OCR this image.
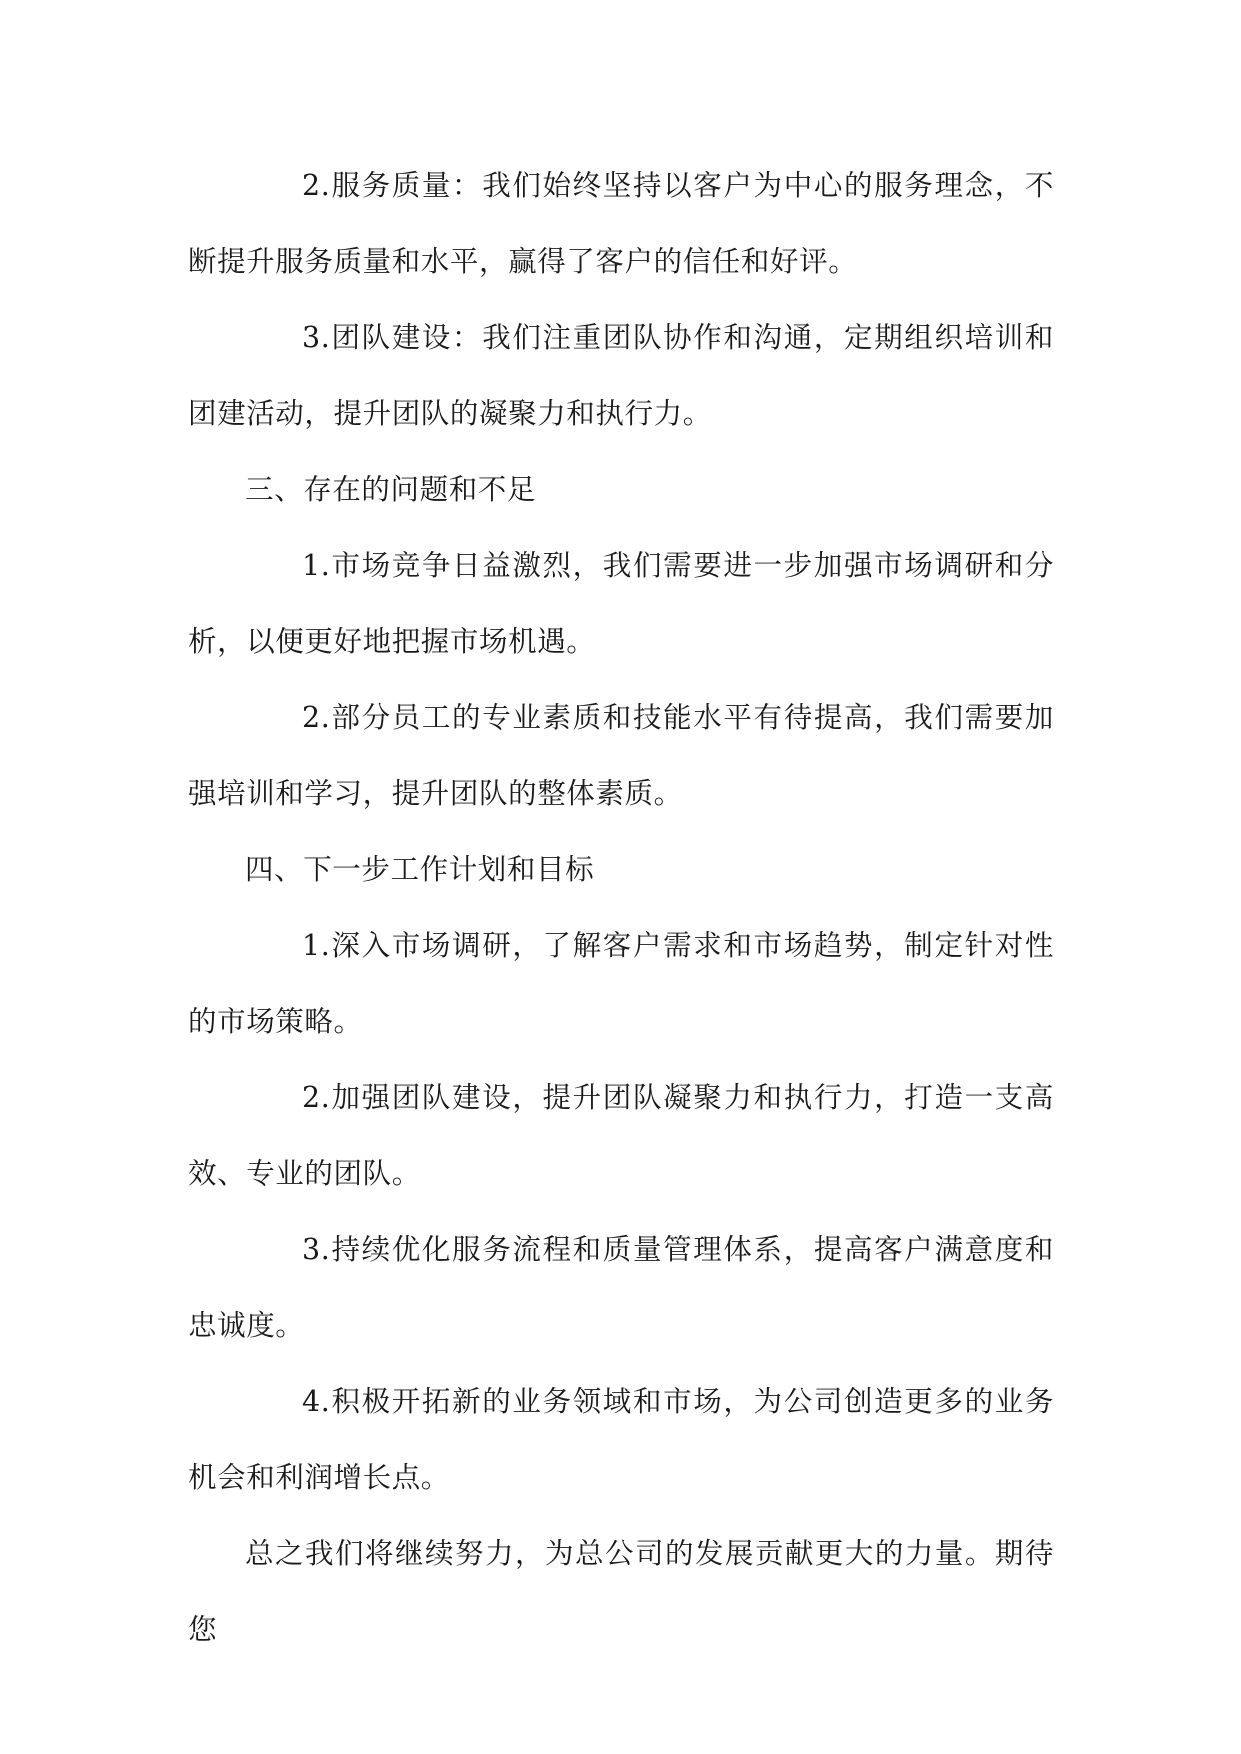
2.服务质量：我们始终坚持以客户为中心的服务理念，不断提升服务质量和水平，赢得了客户的信任和好评。

3.团队建设：我们注重团队协作和沟通，定期组织培训和团建活动，提升团队的凝聚力和执行力。

三、存在的问题和不足

1.市场竞争日益激烈，我们需要进一步加强市场调研和分析，以便更好地把握市场机遇。

2.部分员工的专业素质和技能水平有待提高，我们需要加强培训和学习，提升团队的整体素质。

四、下一步工作计划和目标

1.深入市场调研，了解客户需求和市场趋势，制定针对性的市场策略。

2.加强团队建设，提升团队凝聚力和执行力，打造一支高效、专业的团队。

3.持续优化服务流程和质量管理体系，提高客户满意度和忠诚度。

4.积极开拓新的业务领域和市场，为公司创造更多的业务机会和利润增长点。

总之我们将继续努力，为总公司的发展贡献更大的力量。期待您
